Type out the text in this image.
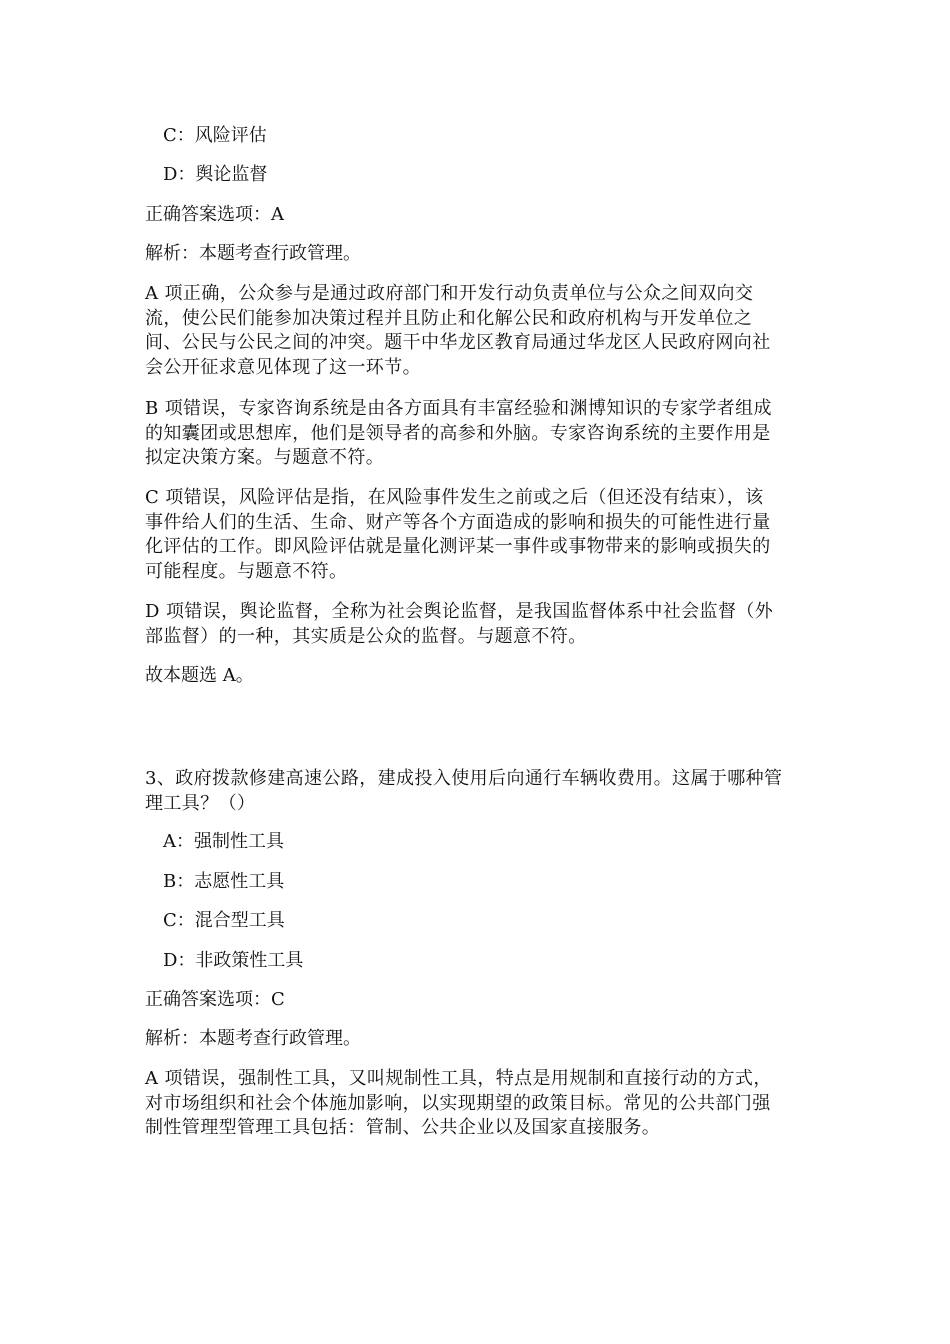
C：风险评估
D：舆论监督
正确答案选项：A
解析：本题考查行政管理。
A 项正确，公众参与是通过政府部门和开发行动负责单位与公众之间双向交
流，使公民们能参加决策过程并且防止和化解公民和政府机构与开发单位之
间、公民与公民之间的冲突。题干中华龙区教育局通过华龙区人民政府网向社
会公开征求意见体现了这一环节。
B 项错误，专家咨询系统是由各方面具有丰富经验和渊博知识的专家学者组成
的知囊团或思想库，他们是领导者的高参和外脑。专家咨询系统的主要作用是
拟定决策方案。与题意不符。
C 项错误，风险评估是指，在风险事件发生之前或之后（但还没有结束），该
事件给人们的生活、生命、财产等各个方面造成的影响和损失的可能性进行量
化评估的工作。即风险评估就是量化测评某一事件或事物带来的影响或损失的
可能程度。与题意不符。
D 项错误，舆论监督，全称为社会舆论监督，是我国监督体系中社会监督（外
部监督）的一种，其实质是公众的监督。与题意不符。
故本题选 A。
3、政府拨款修建高速公路，建成投入使用后向通行车辆收费用。这属于哪种管
理工具？（）
A：强制性工具
B：志愿性工具
C：混合型工具
D：非政策性工具
正确答案选项：C
解析：本题考查行政管理。
A 项错误，强制性工具，又叫规制性工具，特点是用规制和直接行动的方式，
对市场组织和社会个体施加影响，以实现期望的政策目标。常见的公共部门强
制性管理型管理工具包括：管制、公共企业以及国家直接服务。
